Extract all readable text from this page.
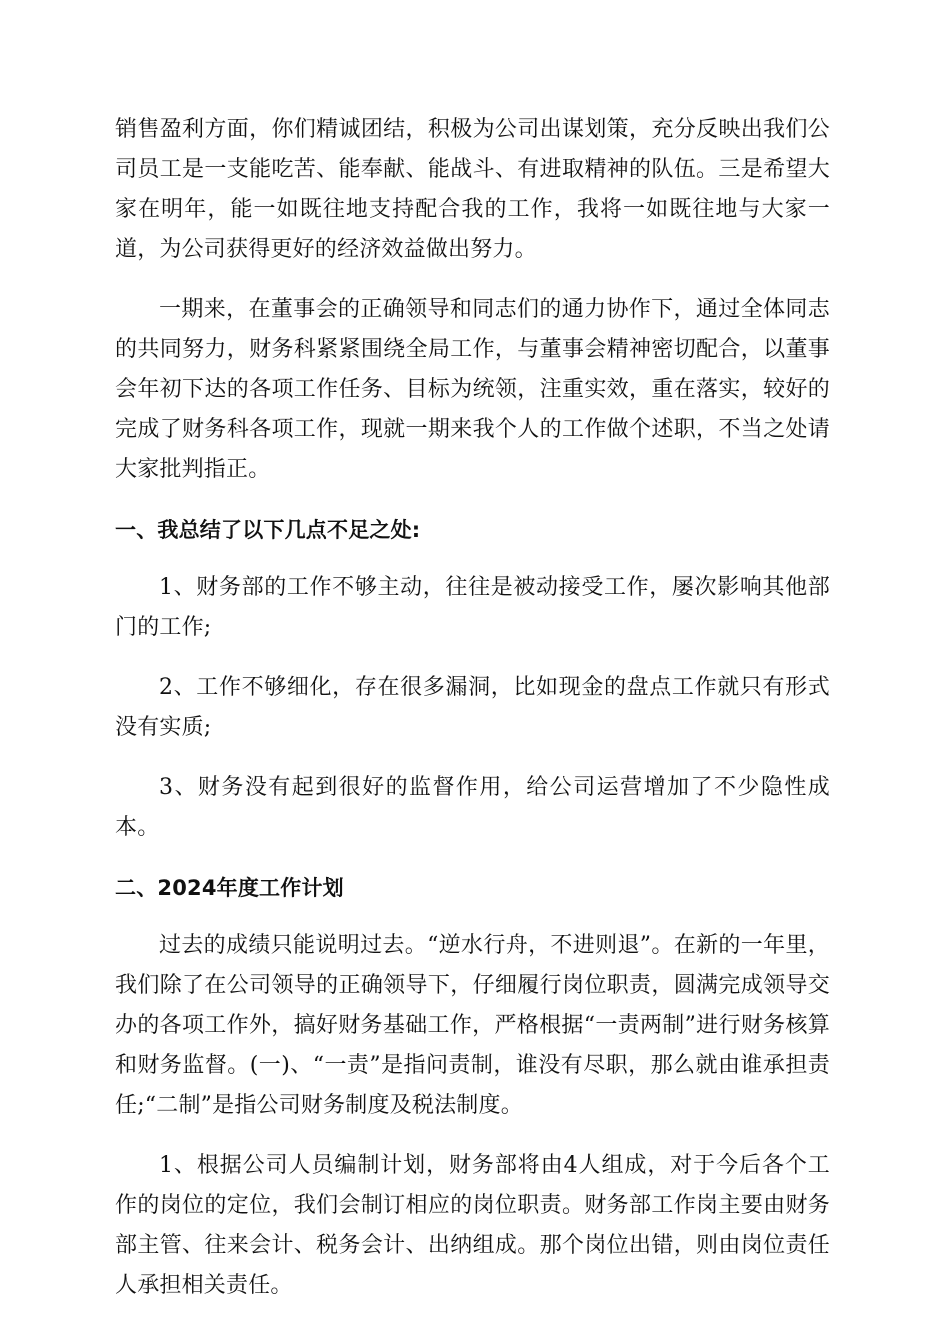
销售盈利方面，你们精诚团结，积极为公司出谋划策，充分反映出我们公司员工是一支能吃苦、能奉献、能战斗、有进取精神的队伍。三是希望大家在明年，能一如既往地支持配合我的工作，我将一如既往地与大家一道，为公司获得更好的经济效益做出努力。

一期来，在董事会的正确领导和同志们的通力协作下，通过全体同志的共同努力，财务科紧紧围绕全局工作，与董事会精神密切配合，以董事会年初下达的各项工作任务、目标为统领，注重实效，重在落实，较好的完成了财务科各项工作，现就一期来我个人的工作做个述职，不当之处请大家批判指正。

一、我总结了以下几点不足之处:

1、财务部的工作不够主动，往往是被动接受工作，屡次影响其他部门的工作;

2、工作不够细化，存在很多漏洞，比如现金的盘点工作就只有形式没有实质;

3、财务没有起到很好的监督作用，给公司运营增加了不少隐性成本。

二、2024年度工作计划

过去的成绩只能说明过去。“逆水行舟，不进则退”。在新的一年里，我们除了在公司领导的正确领导下，仔细履行岗位职责，圆满完成领导交办的各项工作外，搞好财务基础工作，严格根据“一责两制”进行财务核算和财务监督。(一)、“一责”是指问责制，谁没有尽职，那么就由谁承担责任;“二制”是指公司财务制度及税法制度。

1、根据公司人员编制计划，财务部将由4人组成，对于今后各个工作的岗位的定位，我们会制订相应的岗位职责。财务部工作岗主要由财务部主管、往来会计、税务会计、出纳组成。那个岗位出错，则由岗位责任人承担相关责任。
